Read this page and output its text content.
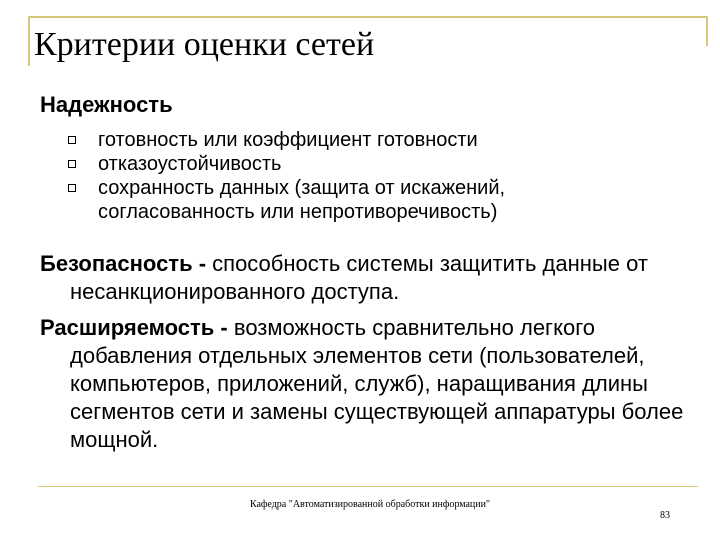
Критерии оценки сетей
Надежность
готовность или коэффициент готовности
отказоустойчивость
сохранность данных (защита от искажений, согласованность или непротиворечивость)

Безопасность - способность системы защитить данные от несанкционированного доступа.

Расширяемость - возможность сравнительно легкого добавления отдельных элементов сети (пользователей, компьютеров, приложений, служб), наращивания длины сегментов сети и замены существующей аппаратуры более мощной.

Кафедра "Автоматизированной обработки информации"
83
